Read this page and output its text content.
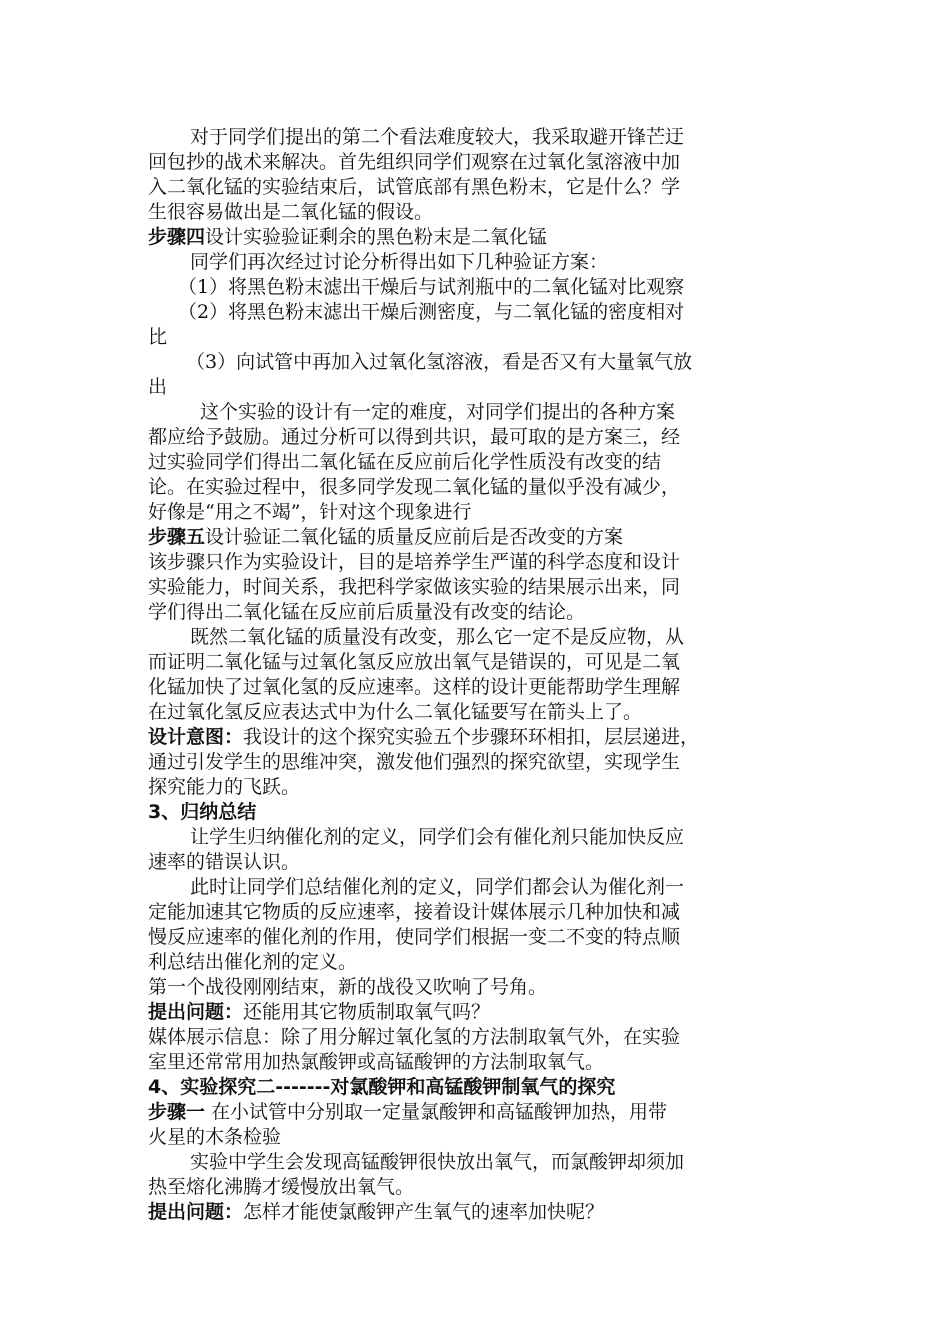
对于同学们提出的第二个看法难度较大，我采取避开锋芒迂
回包抄的战术来解决。首先组织同学们观察在过氧化氢溶液中加
入二氧化锰的实验结束后，试管底部有黑色粉末，它是什么？学
生很容易做出是二氧化锰的假设。
步骤四设计实验验证剩余的黑色粉末是二氧化锰
同学们再次经过讨论分析得出如下几种验证方案：
（1）将黑色粉末滤出干燥后与试剂瓶中的二氧化锰对比观察
（2）将黑色粉末滤出干燥后测密度，与二氧化锰的密度相对
比
（3）向试管中再加入过氧化氢溶液，看是否又有大量氧气放
出
这个实验的设计有一定的难度，对同学们提出的各种方案
都应给予鼓励。通过分析可以得到共识，最可取的是方案三，经
过实验同学们得出二氧化锰在反应前后化学性质没有改变的结
论。在实验过程中，很多同学发现二氧化锰的量似乎没有减少，
好像是“用之不竭”，针对这个现象进行
步骤五设计验证二氧化锰的质量反应前后是否改变的方案
该步骤只作为实验设计，目的是培养学生严谨的科学态度和设计
实验能力，时间关系，我把科学家做该实验的结果展示出来，同
学们得出二氧化锰在反应前后质量没有改变的结论。
既然二氧化锰的质量没有改变，那么它一定不是反应物，从
而证明二氧化锰与过氧化氢反应放出氧气是错误的，可见是二氧
化锰加快了过氧化氢的反应速率。这样的设计更能帮助学生理解
在过氧化氢反应表达式中为什么二氧化锰要写在箭头上了。
设计意图：我设计的这个探究实验五个步骤环环相扣，层层递进，
通过引发学生的思维冲突，激发他们强烈的探究欲望，实现学生
探究能力的飞跃。
3、归纳总结
让学生归纳催化剂的定义，同学们会有催化剂只能加快反应
速率的错误认识。
此时让同学们总结催化剂的定义，同学们都会认为催化剂一
定能加速其它物质的反应速率，接着设计媒体展示几种加快和减
慢反应速率的催化剂的作用，使同学们根据一变二不变的特点顺
利总结出催化剂的定义。
第一个战役刚刚结束，新的战役又吹响了号角。
提出问题：还能用其它物质制取氧气吗？
媒体展示信息：除了用分解过氧化氢的方法制取氧气外，在实验
室里还常常用加热氯酸钾或高锰酸钾的方法制取氧气。
4、实验探究二-------对氯酸钾和高锰酸钾制氧气的探究
步骤一 在小试管中分别取一定量氯酸钾和高锰酸钾加热，用带
火星的木条检验
实验中学生会发现高锰酸钾很快放出氧气，而氯酸钾却须加
热至熔化沸腾才缓慢放出氧气。
提出问题：怎样才能使氯酸钾产生氧气的速率加快呢？
